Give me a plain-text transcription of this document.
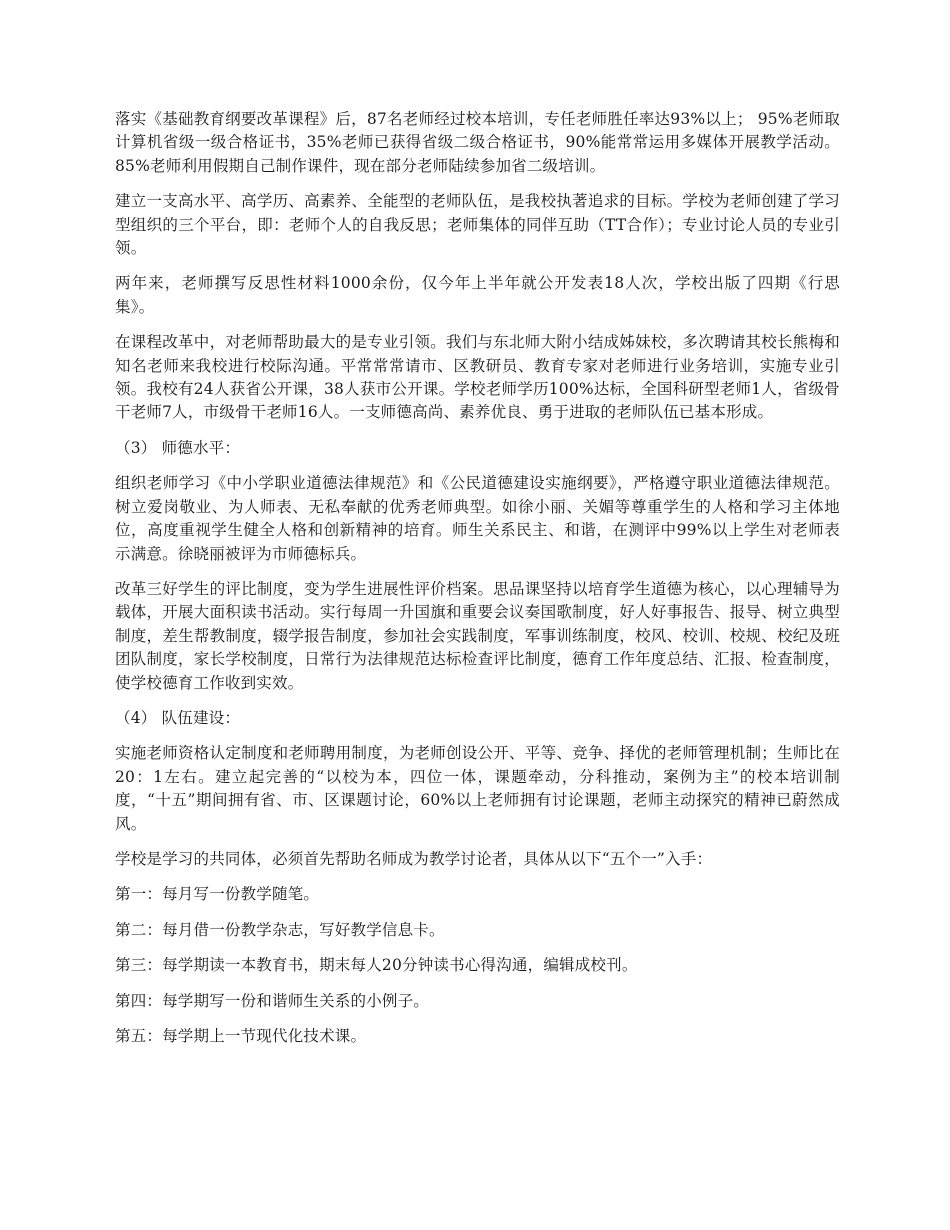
落实《基础教育纲要改革课程》后，87名老师经过校本培训，专任老师胜任率达93%以上； 95%老师取计算机省级一级合格证书，35%老师已获得省级二级合格证书，90%能常常运用多媒体开展教学活动。85%老师利用假期自己制作课件，现在部分老师陆续参加省二级培训。

建立一支高水平、高学历、高素养、全能型的老师队伍，是我校执著追求的目标。学校为老师创建了学习型组织的三个平台，即：老师个人的自我反思；老师集体的同伴互助（TT合作）；专业讨论人员的专业引领。

两年来，老师撰写反思性材料1000余份，仅今年上半年就公开发表18人次，学校出版了四期《行思集》。

在课程改革中，对老师帮助最大的是专业引领。我们与东北师大附小结成姊妹校，多次聘请其校长熊梅和知名老师来我校进行校际沟通。平常常常请市、区教研员、教育专家对老师进行业务培训，实施专业引领。我校有24人获省公开课，38人获市公开课。学校老师学历100%达标，全国科研型老师1人，省级骨干老师7人，市级骨干老师16人。一支师德高尚、素养优良、勇于进取的老师队伍已基本形成。

（3） 师德水平：

组织老师学习《中小学职业道德法律规范》和《公民道德建设实施纲要》，严格遵守职业道德法律规范。树立爱岗敬业、为人师表、无私奉献的优秀老师典型。如徐小丽、关媚等尊重学生的人格和学习主体地位，高度重视学生健全人格和创新精神的培育。师生关系民主、和谐，在测评中99%以上学生对老师表示满意。徐晓丽被评为市师德标兵。

改革三好学生的评比制度，变为学生进展性评价档案。思品课坚持以培育学生道德为核心，以心理辅导为载体，开展大面积读书活动。实行每周一升国旗和重要会议奏国歌制度，好人好事报告、报导、树立典型制度，差生帮教制度，辍学报告制度，参加社会实践制度，军事训练制度，校风、校训、校规、校纪及班团队制度，家长学校制度，日常行为法律规范达标检查评比制度，德育工作年度总结、汇报、检查制度，使学校德育工作收到实效。

（4） 队伍建设：

实施老师资格认定制度和老师聘用制度，为老师创设公开、平等、竞争、择优的老师管理机制；生师比在20：1左右。建立起完善的“以校为本，四位一体，课题牵动，分科推动，案例为主”的校本培训制度，“十五”期间拥有省、市、区课题讨论，60%以上老师拥有讨论课题，老师主动探究的精神已蔚然成风。

学校是学习的共同体，必须首先帮助名师成为教学讨论者，具体从以下“五个一”入手：

第一：每月写一份教学随笔。

第二：每月借一份教学杂志，写好教学信息卡。

第三：每学期读一本教育书，期末每人20分钟读书心得沟通，编辑成校刊。

第四：每学期写一份和谐师生关系的小例子。

第五：每学期上一节现代化技术课。
